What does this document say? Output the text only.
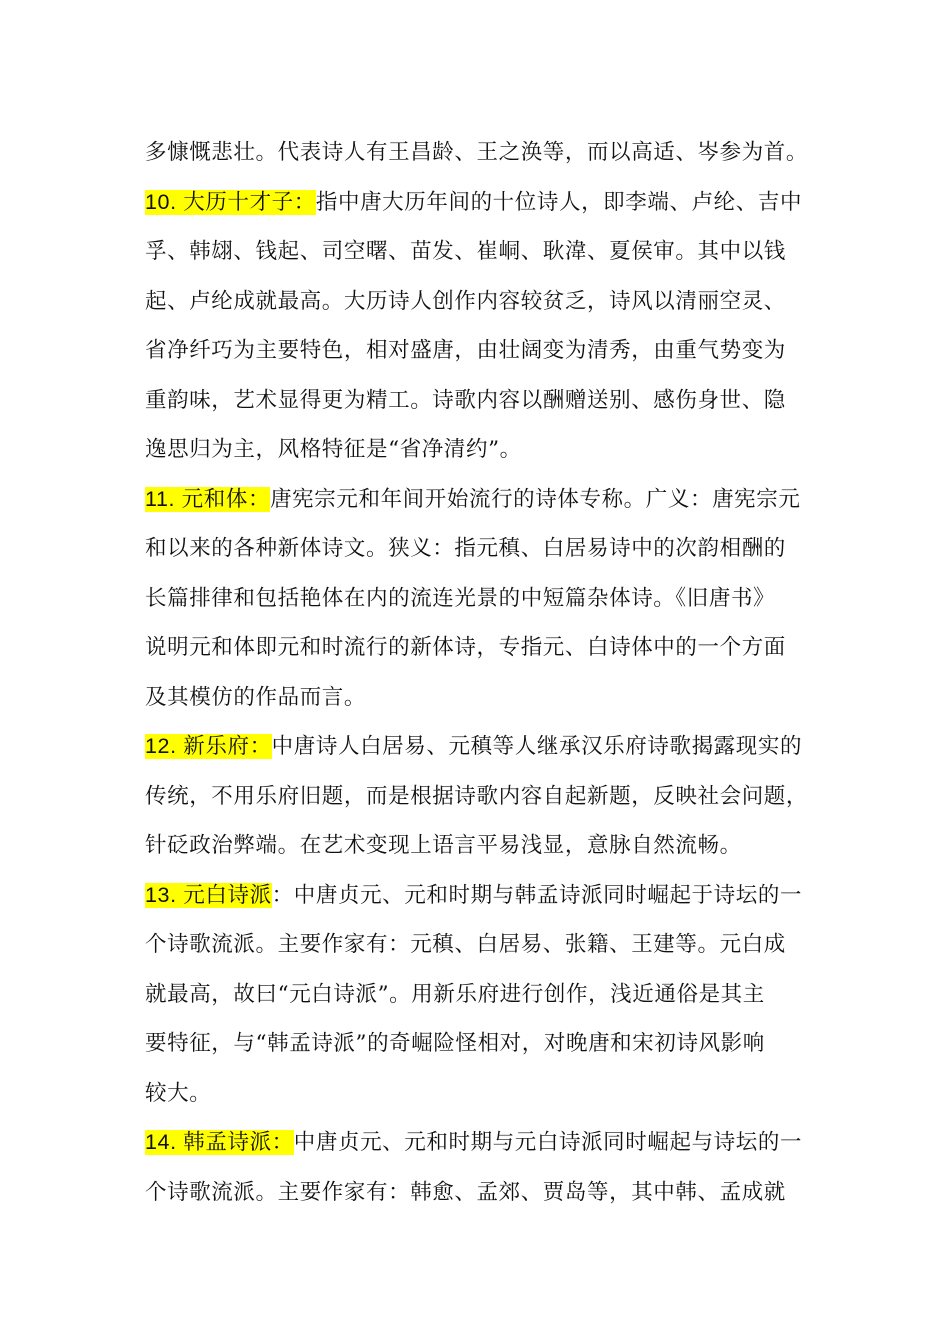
多慷慨悲壮。代表诗人有王昌龄、王之涣等，而以高适、岑参为首。
10. 大历十才子：指中唐大历年间的十位诗人，即李端、卢纶、吉中
孚、韩翃、钱起、司空曙、苗发、崔峒、耿湋、夏侯审。其中以钱
起、卢纶成就最高。大历诗人创作内容较贫乏，诗风以清丽空灵、
省净纤巧为主要特色，相对盛唐，由壮阔变为清秀，由重气势变为
重韵味，艺术显得更为精工。诗歌内容以酬赠送别、感伤身世、隐
逸思归为主，风格特征是“省净清约”。
11. 元和体：唐宪宗元和年间开始流行的诗体专称。广义：唐宪宗元
和以来的各种新体诗文。狭义：指元稹、白居易诗中的次韵相酬的
长篇排律和包括艳体在内的流连光景的中短篇杂体诗。《旧唐书》
说明元和体即元和时流行的新体诗，专指元、白诗体中的一个方面
及其模仿的作品而言。
12. 新乐府：中唐诗人白居易、元稹等人继承汉乐府诗歌揭露现实的
传统，不用乐府旧题，而是根据诗歌内容自起新题，反映社会问题，
针砭政治弊端。在艺术变现上语言平易浅显，意脉自然流畅。
13. 元白诗派：中唐贞元、元和时期与韩孟诗派同时崛起于诗坛的一
个诗歌流派。主要作家有：元稹、白居易、张籍、王建等。元白成
就最高，故曰“元白诗派”。用新乐府进行创作，浅近通俗是其主
要特征，与“韩孟诗派”的奇崛险怪相对，对晚唐和宋初诗风影响
较大。
14. 韩孟诗派：中唐贞元、元和时期与元白诗派同时崛起与诗坛的一
个诗歌流派。主要作家有：韩愈、孟郊、贾岛等，其中韩、孟成就
